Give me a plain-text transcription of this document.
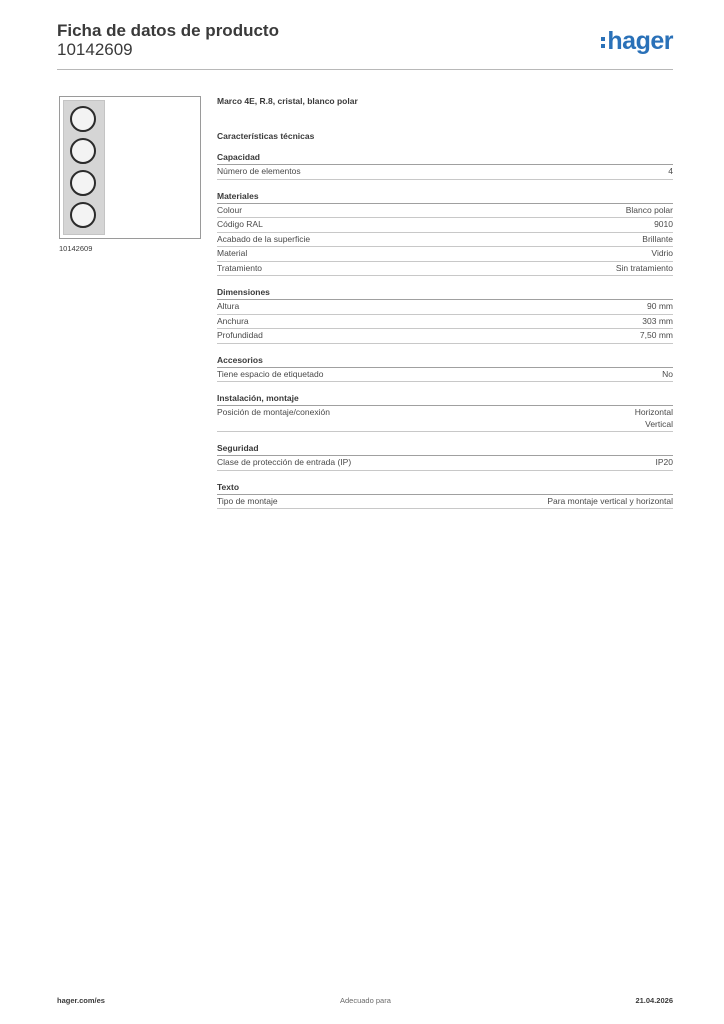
Ficha de datos de producto
10142609	hager
10142609
Marco 4E, R.8, cristal, blanco polar
Características técnicas
Capacidad
Número de elementos	4
Materiales
Colour	Blanco polar
Código RAL	9010
Acabado de la superficie	Brillante
Material	Vidrio
Tratamiento	Sin tratamiento
Dimensiones
Altura	90 mm
Anchura	303 mm
Profundidad	7,50 mm
Accesorios
Tiene espacio de etiquetado	No
Instalación, montaje
Posición de montaje/conexión	Horizontal
Vertical
Seguridad
Clase de protección de entrada (IP)	IP20
Texto
Tipo de montaje	Para montaje vertical y horizontal
hager.com/es	Adecuado para	21.04.2026
